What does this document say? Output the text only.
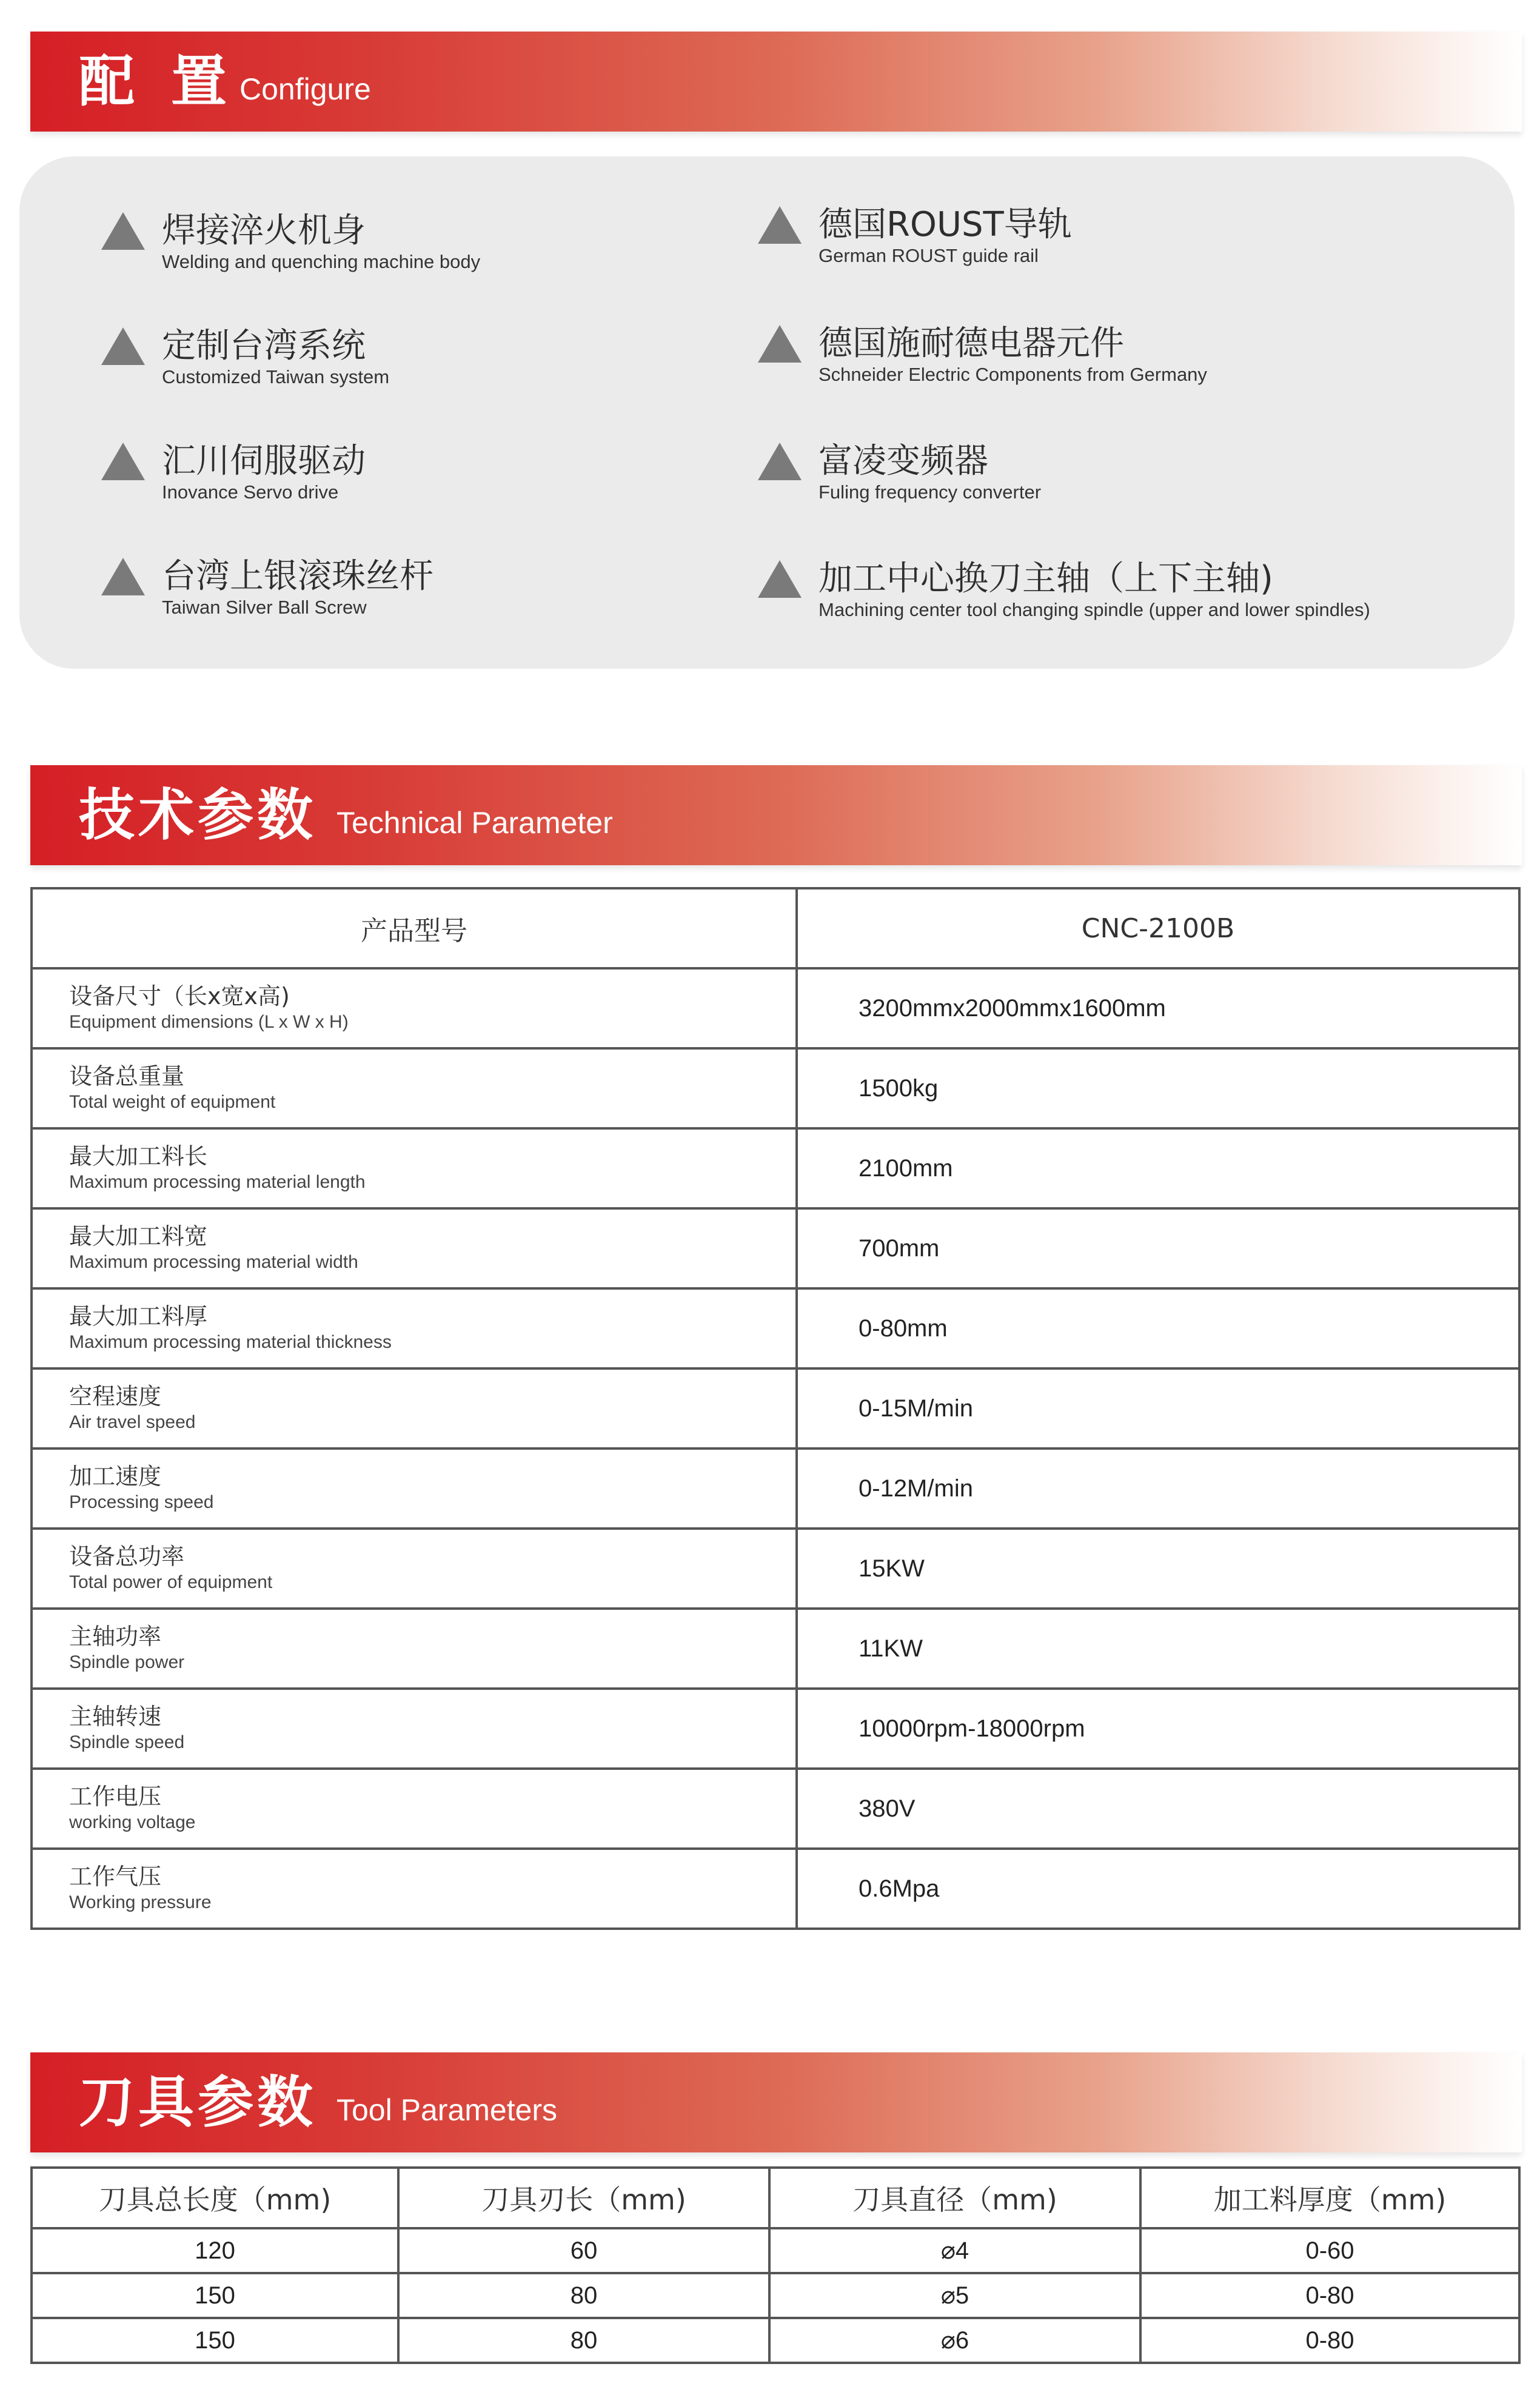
配置
Configure
焊接淬火机身
Welding and quenching machine body
德国ROUST导轨
German ROUST guide rail
定制台湾系统
Customized Taiwan system
德国施耐德电器元件
Schneider Electric Components from Germany
汇川伺服驱动
Inovance Servo drive
富凌变频器
Fuling frequency converter
台湾上银滚珠丝杆
Taiwan Silver Ball Screw
加工中心换刀主轴（上下主轴)
Machining center tool changing spindle (upper and lower spindles)
技术参数 Technical Parameter
产品型号	CNC-2100B

设备尺寸（长x宽x高)
Equipment dimensions (L x W x H)	3200mmx2000mmx1600mm

设备总重量
Total weight of equipment	1500kg

最大加工料长
Maximum processing material length	2100mm

最大加工料宽
Maximum processing material width	700mm

最大加工料厚
Maximum processing material thickness	0-80mm

空程速度
Air travel speed	0-15M/min

加工速度
Processing speed	0-12M/min

设备总功率
Total power of equipment	15KW

主轴功率
Spindle power	11KW

主轴转速
Spindle speed	10000rpm-18000rpm

工作电压
working voltage	380V

工作气压
Working pressure	0.6Mpa
刀具参数 Tool Parameters
刀具总长度（mm)	刀具刃长（mm)	刀具直径（mm)	加工料厚度（mm)
120	60	⌀4	0-60
150	80	⌀5	0-80
150	80	⌀6	0-80
